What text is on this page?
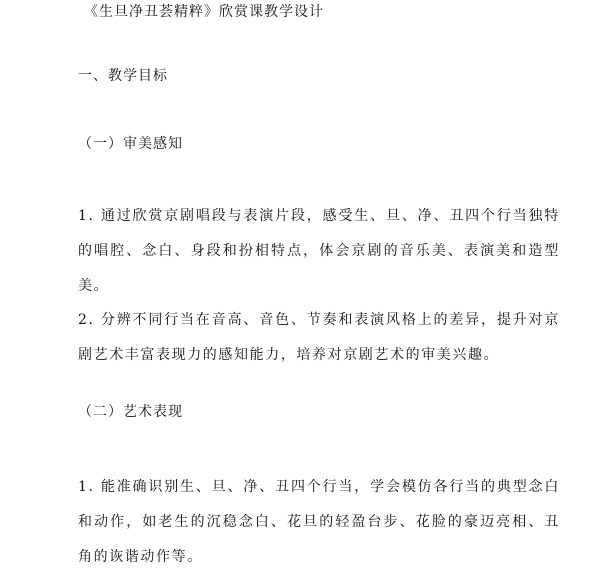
《生旦净丑荟精粹》欣赏课教学设计
一、教学目标
（一）审美感知
1. 通过欣赏京剧唱段与表演片段，感受生、旦、净、丑四个行当独特的唱腔、念白、身段和扮相特点，体会京剧的音乐美、表演美和造型美。
2. 分辨不同行当在音高、音色、节奏和表演风格上的差异，提升对京剧艺术丰富表现力的感知能力，培养对京剧艺术的审美兴趣。
（二）艺术表现
1. 能准确识别生、旦、净、丑四个行当，学会模仿各行当的典型念白和动作，如老生的沉稳念白、花旦的轻盈台步、花脸的豪迈亮相、丑角的诙谐动作等。
